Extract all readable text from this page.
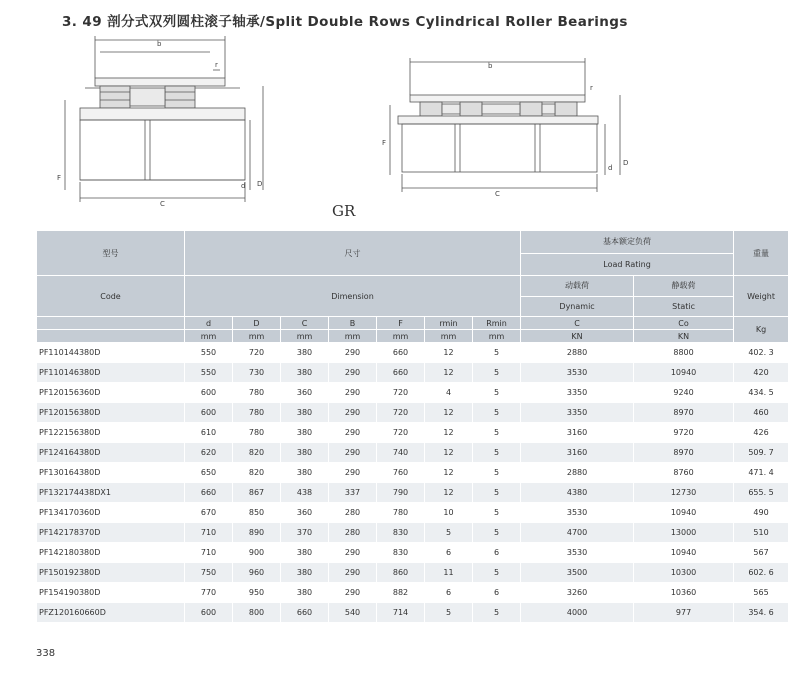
3. 49 剖分式双列圆柱滚子轴承/Split Double Rows Cylindrical Roller Bearings
b
r
F
d D
C
b
r
F
d
D
C
GR
型号	尺寸							基本额定负荷		重量
								Load Rating		
Code	Dimension							动载荷	静载荷	Weight
								Dynamic	Static	
	d	D	C	B	F	rmin	Rmin	C	Co	Kg
	mm	mm	mm	mm	mm	mm	mm	KN	KN	
PF110144380D	550	720	380	290	660	12	5	2880	8800	402. 3
PF110146380D	550	730	380	290	660	12	5	3530	10940	420
PF120156360D	600	780	360	290	720	4	5	3350	9240	434. 5
PF120156380D	600	780	380	290	720	12	5	3350	8970	460
PF122156380D	610	780	380	290	720	12	5	3160	9720	426
PF124164380D	620	820	380	290	740	12	5	3160	8970	509. 7
PF130164380D	650	820	380	290	760	12	5	2880	8760	471. 4
PF132174438DX1	660	867	438	337	790	12	5	4380	12730	655. 5
PF134170360D	670	850	360	280	780	10	5	3530	10940	490
PF142178370D	710	890	370	280	830	5	5	4700	13000	510
PF142180380D	710	900	380	290	830	6	6	3530	10940	567
PF150192380D	750	960	380	290	860	11	5	3500	10300	602. 6
PF154190380D	770	950	380	290	882	6	6	3260	10360	565
PFZ120160660D	600	800	660	540	714	5	5	4000	977	354. 6
338
